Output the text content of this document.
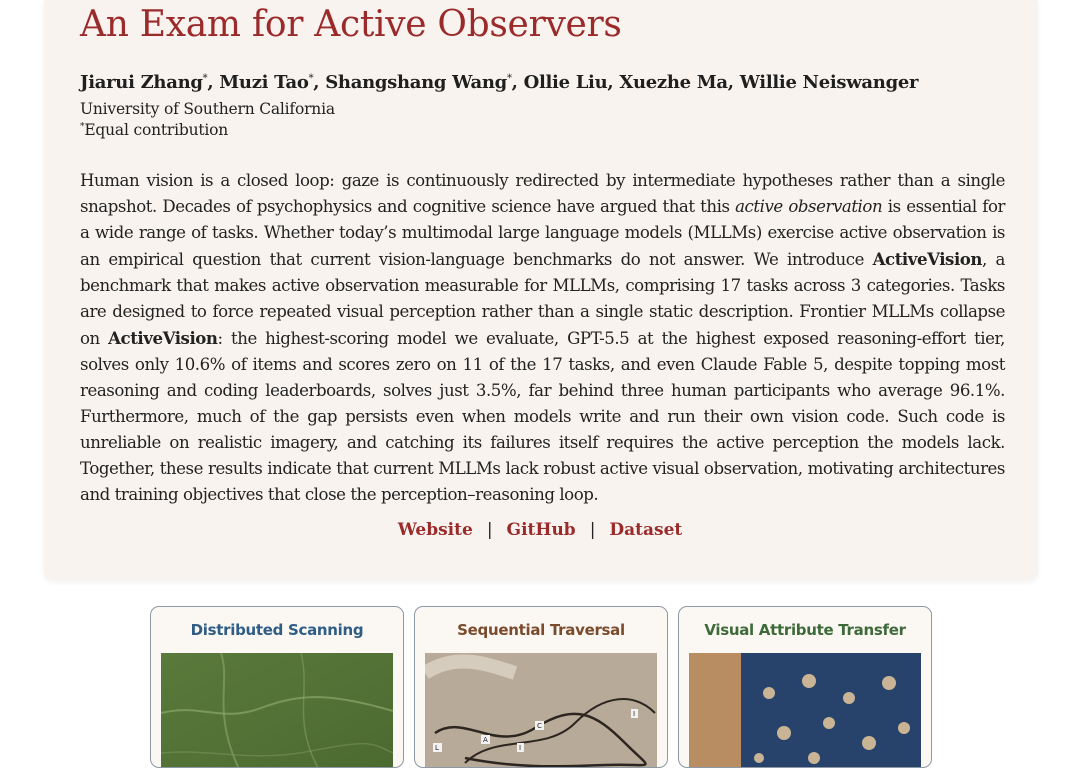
An Exam for Active Observers
Jiarui Zhang*, Muzi Tao*, Shangshang Wang*, Ollie Liu, Xuezhe Ma, Willie Neiswanger
University of Southern California
*Equal contribution

Human vision is a closed loop: gaze is continuously redirected by intermediate hypotheses rather than a single snapshot. Decades of psychophysics and cognitive science have argued that this active observation is essential for a wide range of tasks. Whether today’s multimodal large language models (MLLMs) exercise active observation is an empirical question that current vision-language benchmarks do not answer. We introduce ActiveVision, a benchmark that makes active observation measurable for MLLMs, comprising 17 tasks across 3 categories. Tasks are designed to force repeated visual perception rather than a single static description. Frontier MLLMs collapse on ActiveVision: the highest-scoring model we evaluate, GPT-5.5 at the highest exposed reasoning-effort tier, solves only 10.6% of items and scores zero on 11 of the 17 tasks, and even Claude Fable 5, despite topping most reasoning and coding leaderboards, solves just 3.5%, far behind three human participants who average 96.1%. Furthermore, much of the gap persists even when models write and run their own vision code. Such code is unreliable on realistic imagery, and catching its failures itself requires the active perception the models lack. Together, these results indicate that current MLLMs lack robust active visual observation, motivating architectures and training objectives that close the perception–reasoning loop.

Website | GitHub | Dataset
Distributed Scanning	Sequential Traversal
C
A
L	I
I
Visual Attribute Transfer
